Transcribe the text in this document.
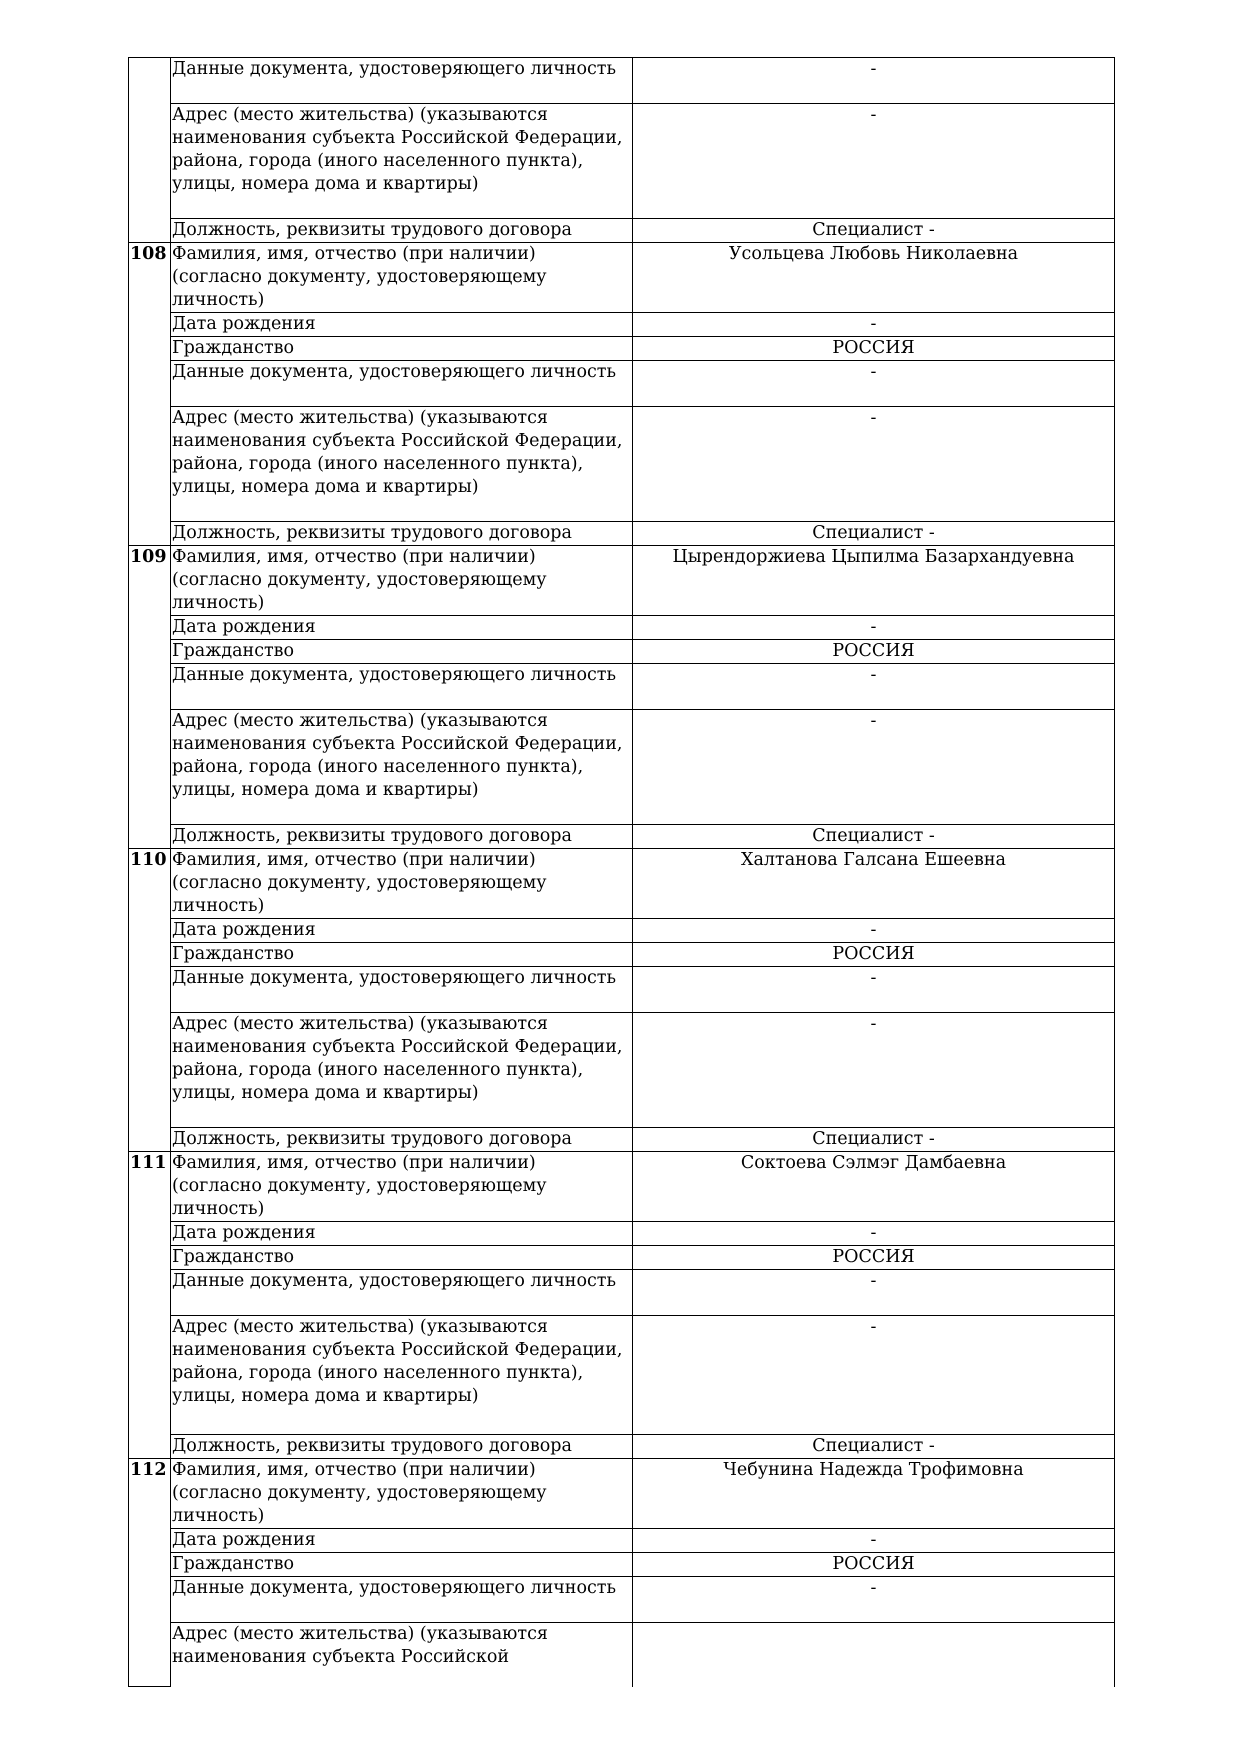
	Данные документа, удостоверяющего личность	-
	Адрес (место жительства) (указываются наименования субъекта Российской Федерации, района, города (иного населенного пункта), улицы, номера дома и квартиры)	-
	Должность, реквизиты трудового договора	Специалист -
108	Фамилия, имя, отчество (при наличии) (согласно документу, удостоверяющему личность)	Усольцева Любовь Николаевна
	Дата рождения	-
	Гражданство	РОССИЯ
	Данные документа, удостоверяющего личность	-
	Адрес (место жительства) (указываются наименования субъекта Российской Федерации, района, города (иного населенного пункта), улицы, номера дома и квартиры)	-
	Должность, реквизиты трудового договора	Специалист -
109	Фамилия, имя, отчество (при наличии) (согласно документу, удостоверяющему личность)	Цырендоржиева Цыпилма Базархандуевна
	Дата рождения	-
	Гражданство	РОССИЯ
	Данные документа, удостоверяющего личность	-
	Адрес (место жительства) (указываются наименования субъекта Российской Федерации, района, города (иного населенного пункта), улицы, номера дома и квартиры)	-
	Должность, реквизиты трудового договора	Специалист -
110	Фамилия, имя, отчество (при наличии) (согласно документу, удостоверяющему личность)	Халтанова Галсана Ешеевна
	Дата рождения	-
	Гражданство	РОССИЯ
	Данные документа, удостоверяющего личность	-
	Адрес (место жительства) (указываются наименования субъекта Российской Федерации, района, города (иного населенного пункта), улицы, номера дома и квартиры)	-
	Должность, реквизиты трудового договора	Специалист -
111	Фамилия, имя, отчество (при наличии) (согласно документу, удостоверяющему личность)	Соктоева Сэлмэг Дамбаевна
	Дата рождения	-
	Гражданство	РОССИЯ
	Данные документа, удостоверяющего личность	-
	Адрес (место жительства) (указываются наименования субъекта Российской Федерации, района, города (иного населенного пункта), улицы, номера дома и квартиры)	-
	Должность, реквизиты трудового договора	Специалист -
112	Фамилия, имя, отчество (при наличии) (согласно документу, удостоверяющему личность)	Чебунина Надежда Трофимовна
	Дата рождения	-
	Гражданство	РОССИЯ
	Данные документа, удостоверяющего личность	-
	Адрес (место жительства) (указываются наименования субъекта Российской	
